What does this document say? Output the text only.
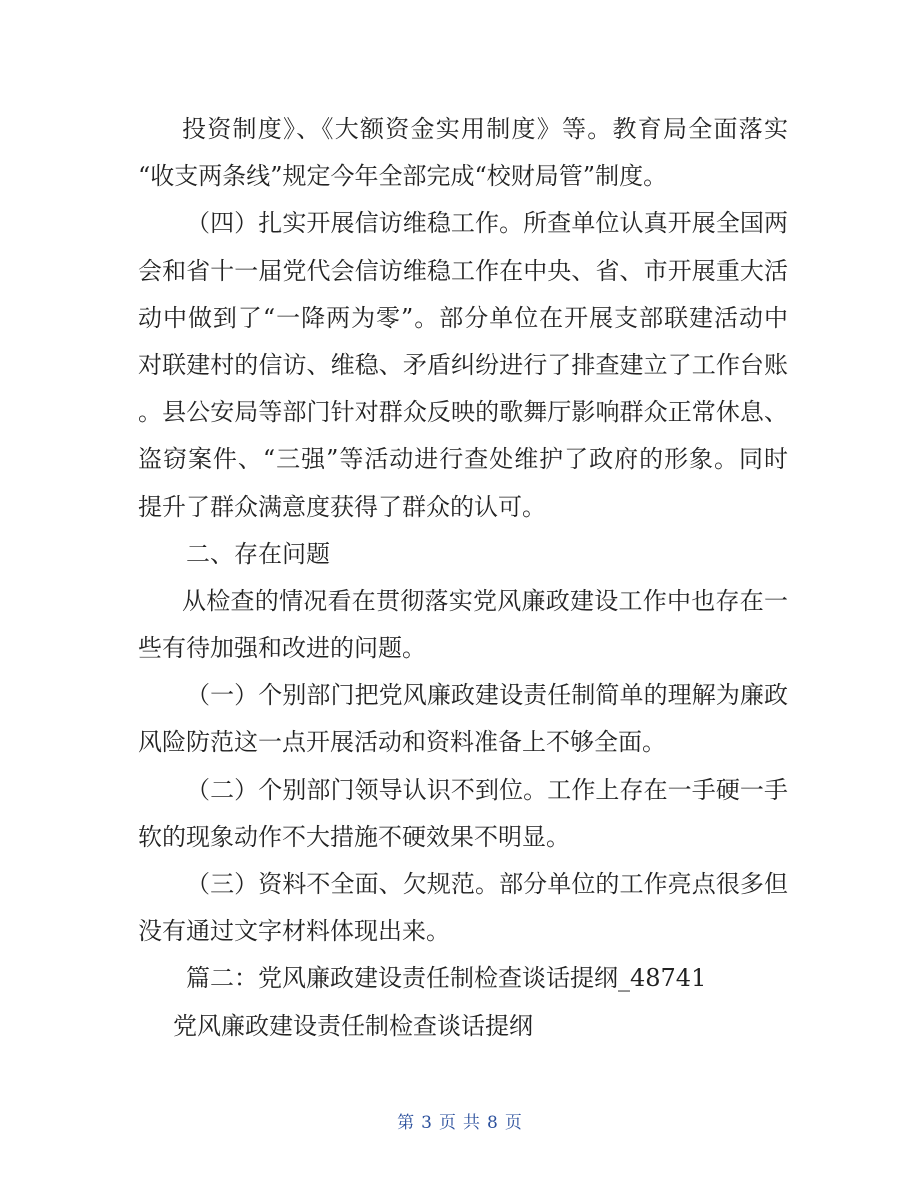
投资制度》、《大额资金实用制度》等。教育局全面落实
“收支两条线”规定今年全部完成“校财局管”制度。
（四）扎实开展信访维稳工作。所查单位认真开展全国两
会和省十一届党代会信访维稳工作在中央、省、市开展重大活
动中做到了“一降两为零”。部分单位在开展支部联建活动中
对联建村的信访、维稳、矛盾纠纷进行了排查建立了工作台账
。县公安局等部门针对群众反映的歌舞厅影响群众正常休息、
盗窃案件、“三强”等活动进行查处维护了政府的形象。同时
提升了群众满意度获得了群众的认可。
二、存在问题
从检查的情况看在贯彻落实党风廉政建设工作中也存在一
些有待加强和改进的问题。
（一）个别部门把党风廉政建设责任制简单的理解为廉政
风险防范这一点开展活动和资料准备上不够全面。
（二）个别部门领导认识不到位。工作上存在一手硬一手
软的现象动作不大措施不硬效果不明显。
（三）资料不全面、欠规范。部分单位的工作亮点很多但
没有通过文字材料体现出来。
篇二：党风廉政建设责任制检查谈话提纲_48741
党风廉政建设责任制检查谈话提纲
第 3 页 共 8 页
